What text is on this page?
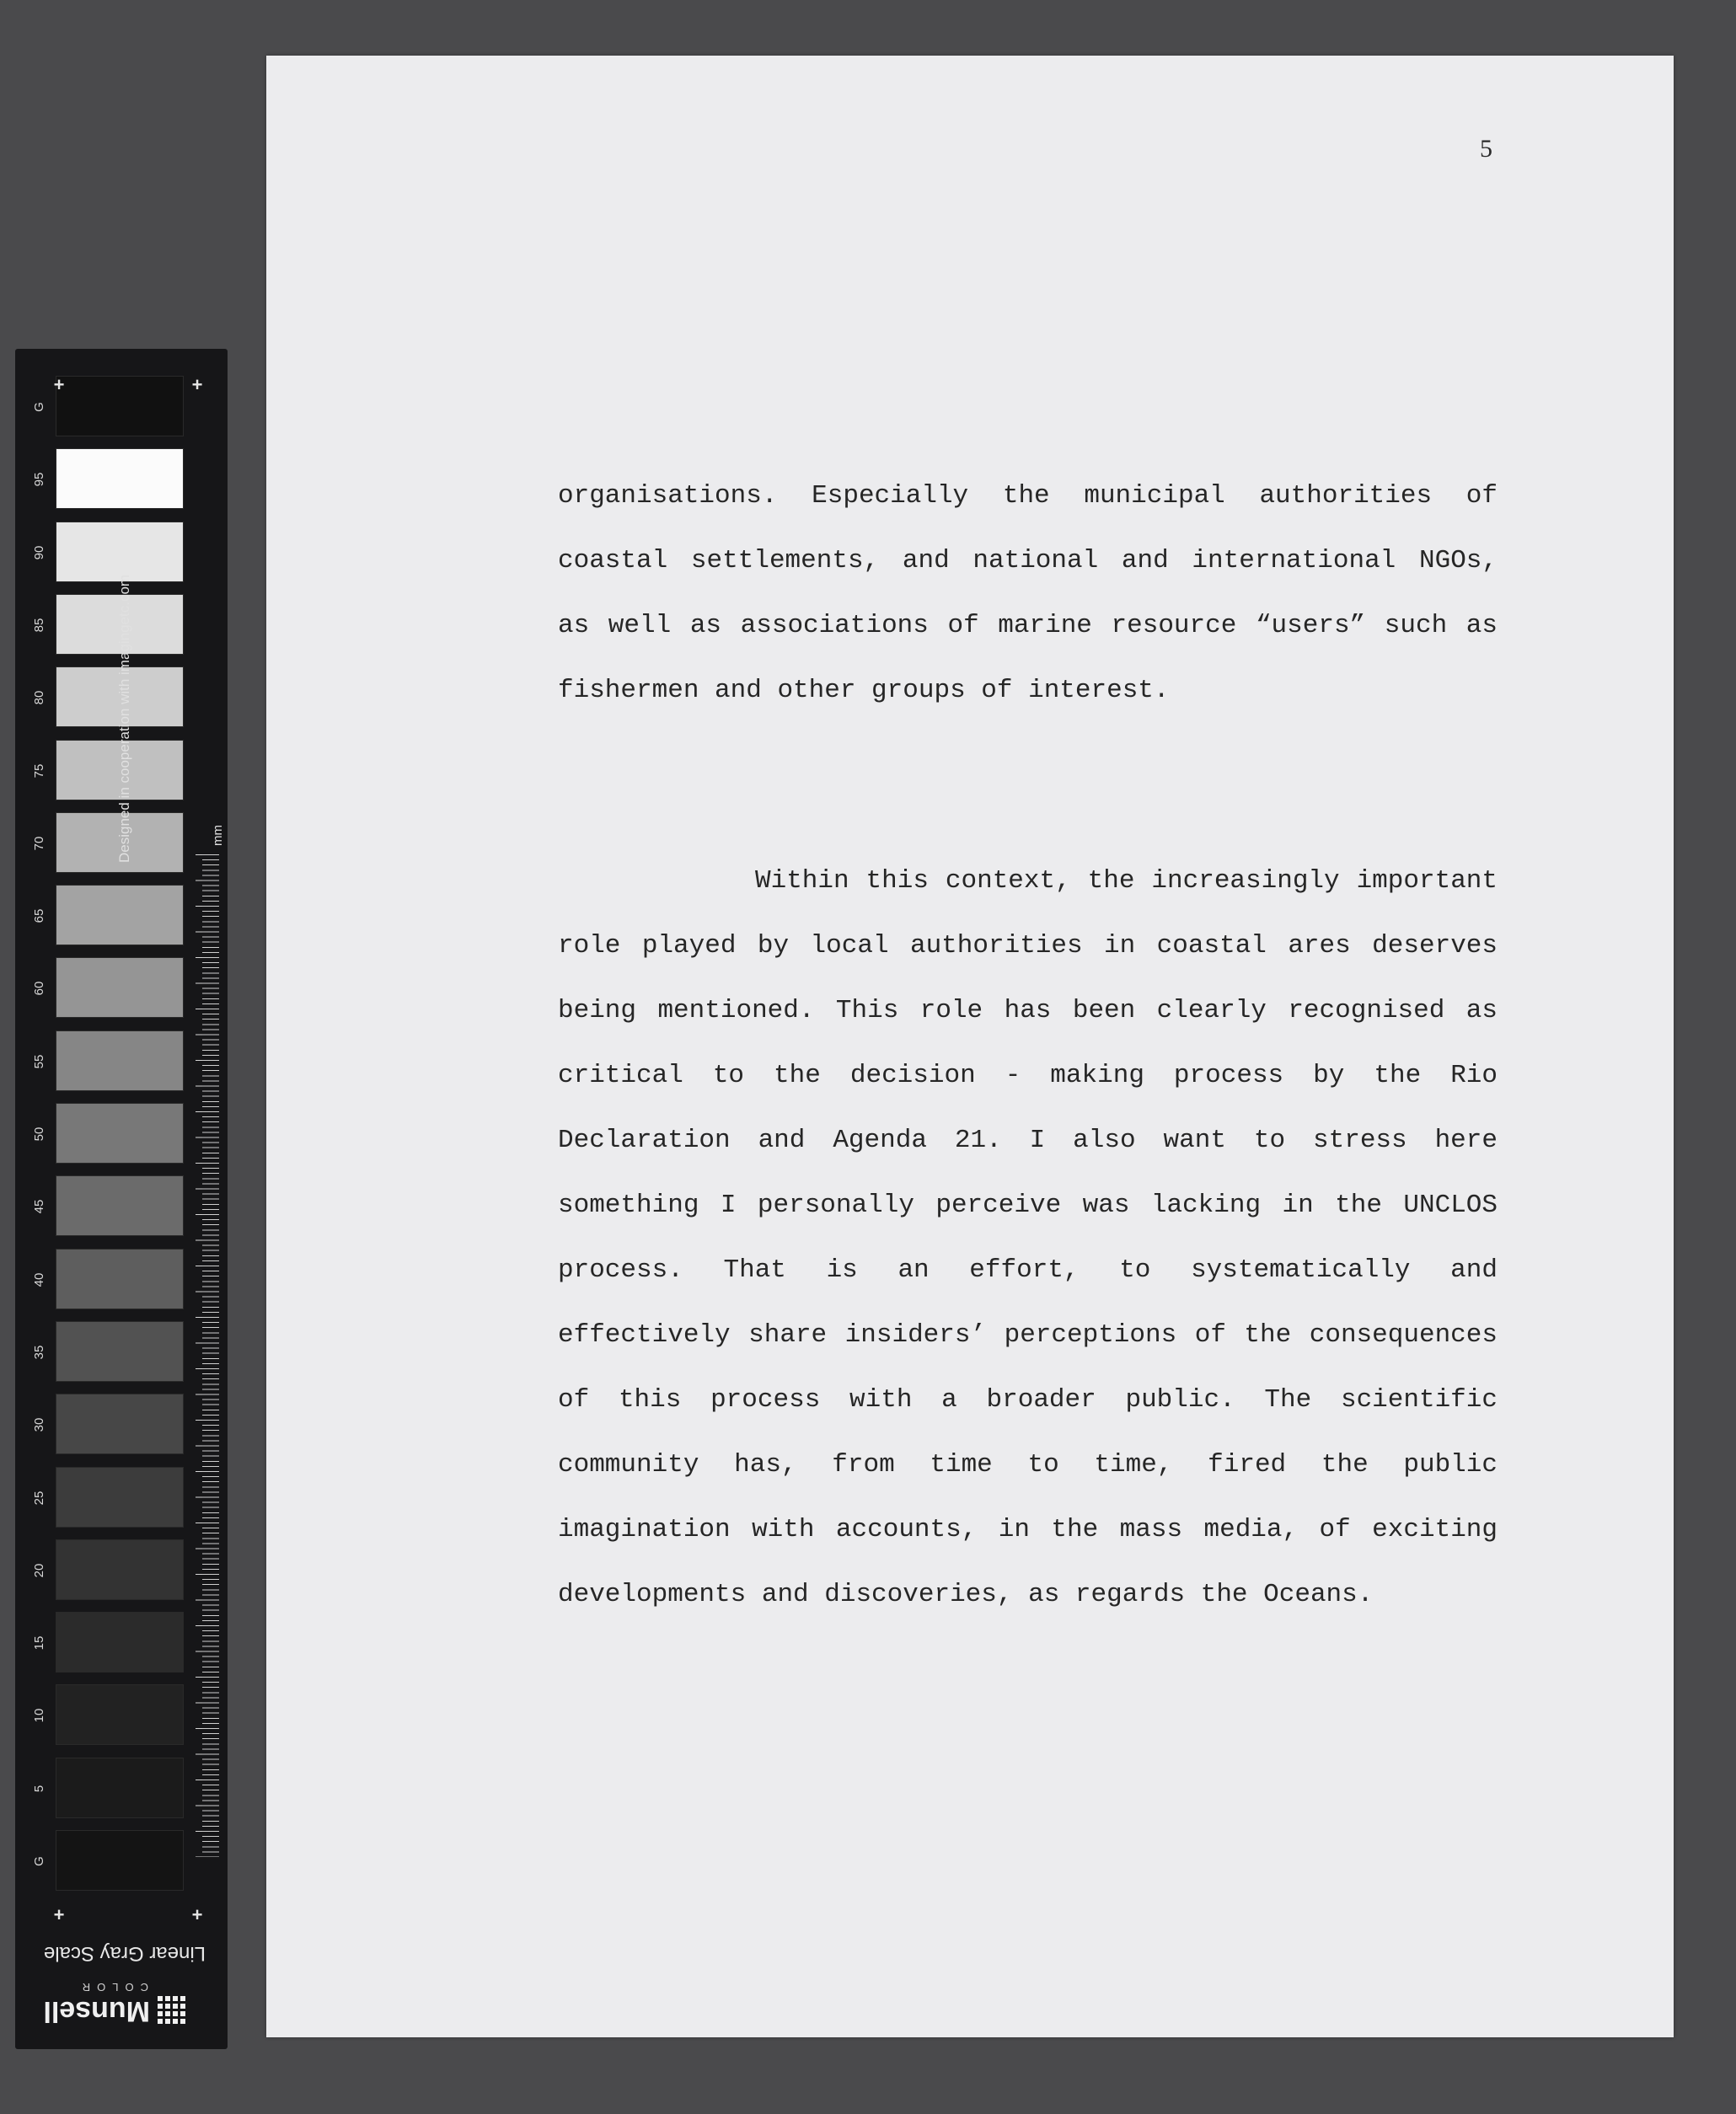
G
95
90
85
80
75
70
65
60
55
50
45
40
35
30
25
20
15
10
5
G
+	+
+	+
Designed in cooperation with imagingetc.com	mm
Linear Gray Scale
Munsell
COLOR
5

organisations. Especially the municipal authorities of coastal settlements, and national and international NGOs, as well as associations of marine resource “users” such as fishermen and other groups of interest.

Within this context, the increasingly important role played by local authorities in coastal ares deserves being mentioned. This role has been clearly recognised as critical to the decision - making process by the Rio Declaration and Agenda 21. I also want to stress here something I personally perceive was lacking in the UNCLOS process. That is an effort, to systematically and effectively share insiders’ perceptions of the consequences of this process with a broader public. The scientific community has, from time to time, fired the public imagination with accounts, in the mass media, of exciting developments and discoveries, as regards the Oceans.
